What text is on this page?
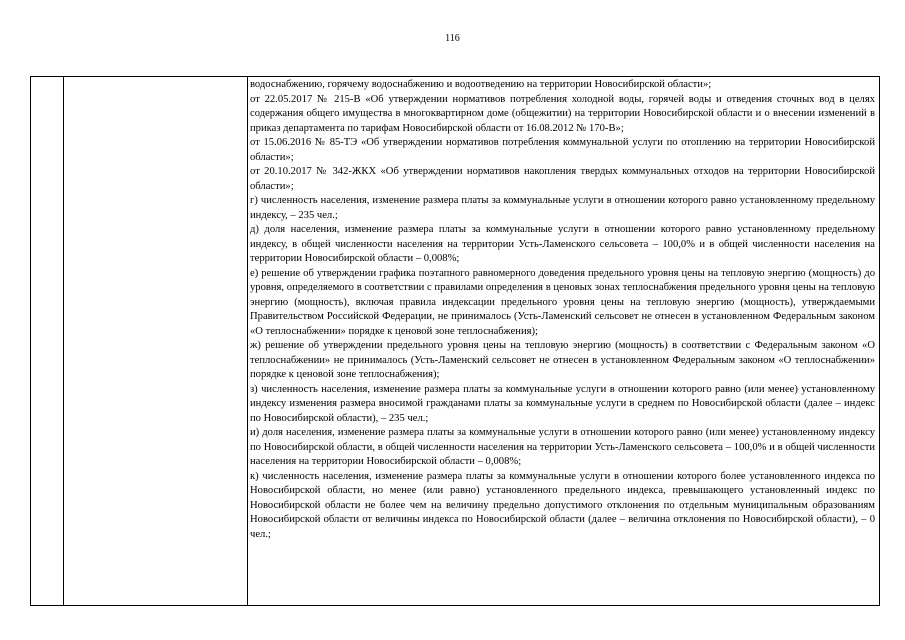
116

водоснабжению, горячему водоснабжению и водоотведению на территории Новосибирской области»;

от 22.05.2017 № 215-В «Об утверждении нормативов потребления холодной воды, горячей воды и отведения сточных вод в целях содержания общего имущества в многоквартирном доме (общежитии) на территории Новосибирской области и о внесении изменений в приказ департамента по тарифам Новосибирской области от 16.08.2012 № 170-В»;

от 15.06.2016 № 85-ТЭ «Об утверждении нормативов потребления коммунальной услуги по отоплению на территории Новосибирской области»;

от 20.10.2017 № 342-ЖКХ «Об утверждении нормативов накопления твердых коммунальных отходов на территории Новосибирской области»;

г) численность населения, изменение размера платы за коммунальные услуги в отношении которого равно установленному предельному индексу, – 235 чел.;

д) доля населения, изменение размера платы за коммунальные услуги в отношении которого равно установленному предельному индексу, в общей численности населения на территории Усть-Ламенского сельсовета – 100,0% и в общей численности населения на территории Новосибирской области – 0,008%;

е) решение об утверждении графика поэтапного равномерного доведения предельного уровня цены на тепловую энергию (мощность) до уровня, определяемого в соответствии с правилами определения в ценовых зонах теплоснабжения предельного уровня цены на тепловую энергию (мощность), включая правила индексации предельного уровня цены на тепловую энергию (мощность), утверждаемыми Правительством Российской Федерации, не принималось (Усть-Ламенский сельсовет не отнесен в установленном Федеральным законом «О теплоснабжении» порядке к ценовой зоне теплоснабжения);

ж) решение об утверждении предельного уровня цены на тепловую энергию (мощность) в соответствии с Федеральным законом «О теплоснабжении» не принималось (Усть-Ламенский сельсовет не отнесен в установленном Федеральным законом «О теплоснабжении» порядке к ценовой зоне теплоснабжения);

з) численность населения, изменение размера платы за коммунальные услуги в отношении которого равно (или менее) установленному индексу изменения размера вносимой гражданами платы за коммунальные услуги в среднем по Новосибирской области (далее – индекс по Новосибирской области), – 235 чел.;

и) доля населения, изменение размера платы за коммунальные услуги в отношении которого равно (или менее) установленному индексу по Новосибирской области, в общей численности населения на территории Усть-Ламенского сельсовета – 100,0% и в общей численности населения на территории Новосибирской области – 0,008%;

к) численность населения, изменение размера платы за коммунальные услуги в отношении которого более установленного индекса по Новосибирской области, но менее (или равно) установленного предельного индекса, превышающего установленный индекс по Новосибирской области не более чем на величину предельно допустимого отклонения по отдельным муниципальным образованиям Новосибирской области от величины индекса по Новосибирской области (далее – величина отклонения по Новосибирской области), – 0 чел.;
